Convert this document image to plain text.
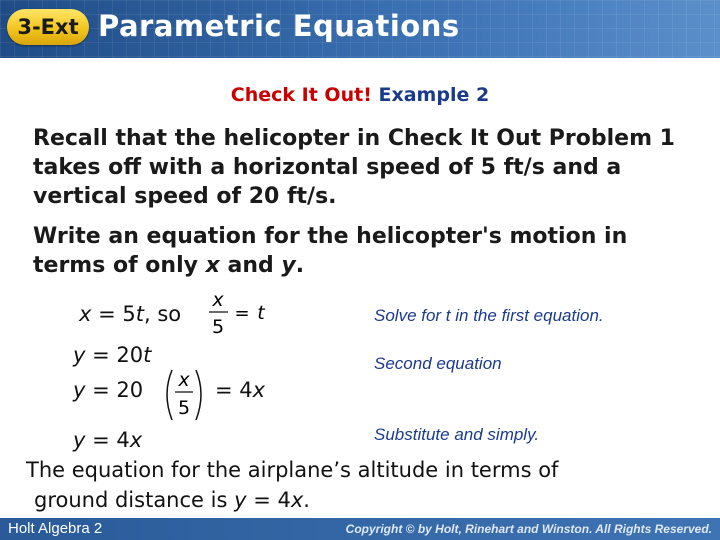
3-Ext Parametric Equations
Check It Out! Example 2
Recall that the helicopter in Check It Out Problem 1 takes off with a horizontal speed of 5 ft/s and a vertical speed of 20 ft/s.
Write an equation for the helicopter's motion in terms of only x and y.
x = 5t, so
x
5
= t
y = 20t
y = 20 x
5
= 4x
y = 4x
Solve for t in the first equation.
Second equation
Substitute and simply.
The equation for the airplane’s altitude in terms of
ground distance is y = 4x.
Holt Algebra 2	Copyright © by Holt, Rinehart and Winston. All Rights Reserved.
